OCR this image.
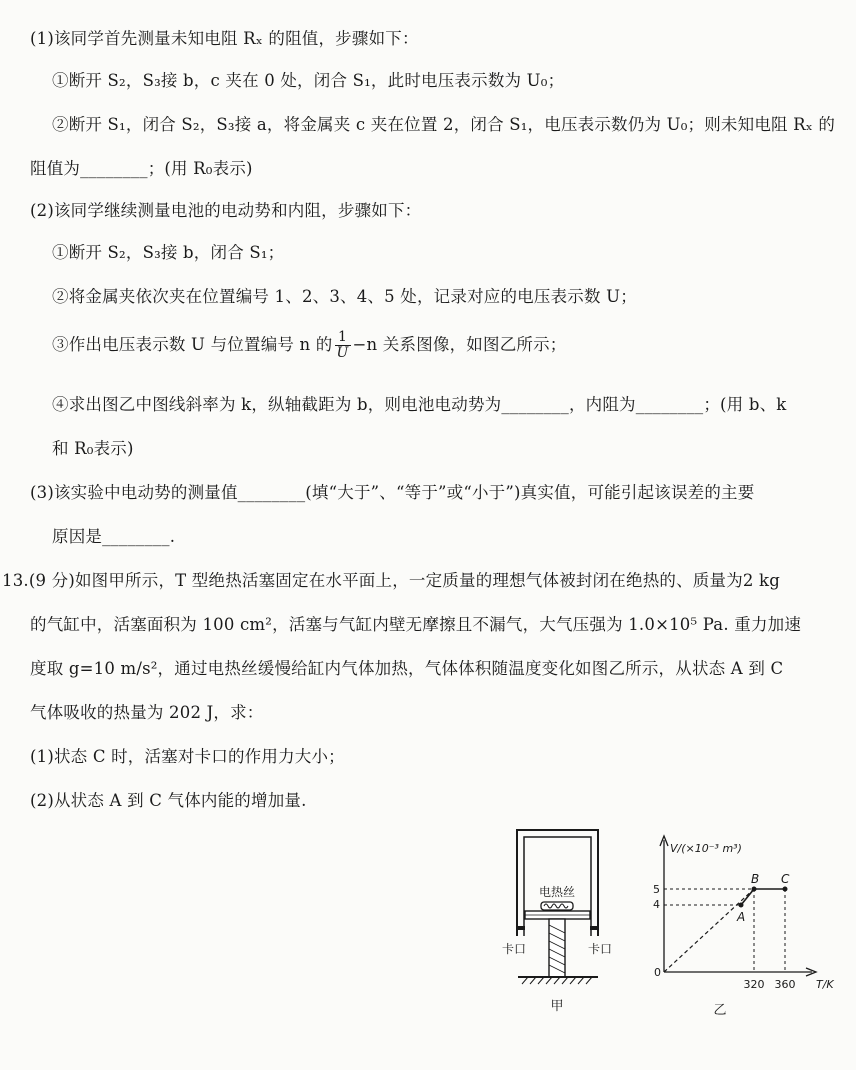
(1)该同学首先测量未知电阻 Rₓ 的阻值，步骤如下：
①断开 S₂，S₃接 b，c 夹在 0 处，闭合 S₁，此时电压表示数为 U₀；
②断开 S₁，闭合 S₂，S₃接 a，将金属夹 c 夹在位置 2，闭合 S₁，电压表示数仍为 U₀；则未知电阻 Rₓ 的
阻值为________；(用 R₀表示)
(2)该同学继续测量电池的电动势和内阻，步骤如下：
①断开 S₂，S₃接 b，闭合 S₁；
②将金属夹依次夹在位置编号 1、2、3、4、5 处，记录对应的电压表示数 U；
③作出电压表示数 U 与位置编号 n 的 $\frac{1}{U} -n$ 关系图像，如图乙所示；
④求出图乙中图线斜率为 k，纵轴截距为 b，则电池电动势为________，内阻为________；(用 b、k
和 R₀表示)
(3)该实验中电动势的测量值________(填“大于”、“等于”或“小于”)真实值，可能引起该误差的主要
原因是________.
13.(9 分)如图甲所示，T 型绝热活塞固定在水平面上，一定质量的理想气体被封闭在绝热的、质量为2 kg
的气缸中，活塞面积为 100 cm²，活塞与气缸内壁无摩擦且不漏气，大气压强为 1.0×10⁵ Pa. 重力加速
度取 g=10 m/s²，通过电热丝缓慢给缸内气体加热，气体体积随温度变化如图乙所示，从状态 A 到 C
气体吸收的热量为 202 J，求：
(1)状态 C 时，活塞对卡口的作用力大小；
(2)从状态 A 到 C 气体内能的增加量.
电热丝
卡口	卡口
甲
V/(×10⁻³ m³)
T/K
0
5
4
320 360
A
B C
乙
